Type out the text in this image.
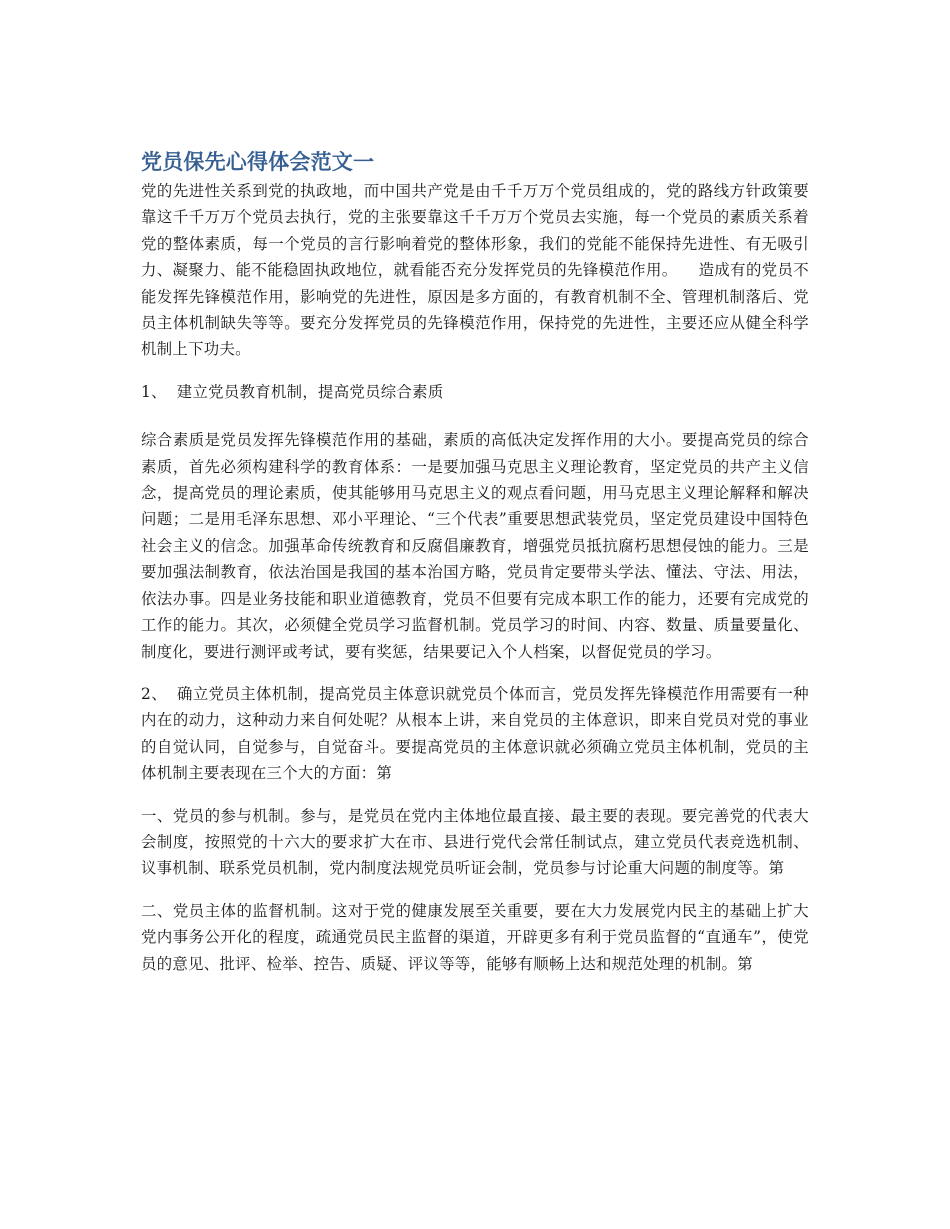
党员保先心得体会范文一

党的先进性关系到党的执政地，而中国共产党是由千千万万个党员组成的，党的路线方针政策要靠这千千万万个党员去执行，党的主张要靠这千千万万个党员去实施，每一个党员的素质关系着党的整体素质，每一个党员的言行影响着党的整体形象，我们的党能不能保持先进性、有无吸引力、凝聚力、能不能稳固执政地位，就看能否充分发挥党员的先锋模范作用。    造成有的党员不能发挥先锋模范作用，影响党的先进性，原因是多方面的，有教育机制不全、管理机制落后、党员主体机制缺失等等。要充分发挥党员的先锋模范作用，保持党的先进性，主要还应从健全科学机制上下功夫。

1、 建立党员教育机制，提高党员综合素质

综合素质是党员发挥先锋模范作用的基础，素质的高低决定发挥作用的大小。要提高党员的综合素质，首先必须构建科学的教育体系：一是要加强马克思主义理论教育，坚定党员的共产主义信念，提高党员的理论素质，使其能够用马克思主义的观点看问题，用马克思主义理论解释和解决问题；二是用毛泽东思想、邓小平理论、“三个代表”重要思想武装党员，坚定党员建设中国特色社会主义的信念。加强革命传统教育和反腐倡廉教育，增强党员抵抗腐朽思想侵蚀的能力。三是要加强法制教育，依法治国是我国的基本治国方略，党员肯定要带头学法、懂法、守法、用法，依法办事。四是业务技能和职业道德教育，党员不但要有完成本职工作的能力，还要有完成党的工作的能力。其次，必须健全党员学习监督机制。党员学习的时间、内容、数量、质量要量化、制度化，要进行测评或考试，要有奖惩，结果要记入个人档案，以督促党员的学习。

2、 确立党员主体机制，提高党员主体意识就党员个体而言，党员发挥先锋模范作用需要有一种内在的动力，这种动力来自何处呢？从根本上讲，来自党员的主体意识，即来自党员对党的事业的自觉认同，自觉参与，自觉奋斗。要提高党员的主体意识就必须确立党员主体机制，党员的主体机制主要表现在三个大的方面：第

一、党员的参与机制。参与，是党员在党内主体地位最直接、最主要的表现。要完善党的代表大会制度，按照党的十六大的要求扩大在市、县进行党代会常任制试点，建立党员代表竞选机制、议事机制、联系党员机制，党内制度法规党员听证会制，党员参与讨论重大问题的制度等。第

二、党员主体的监督机制。这对于党的健康发展至关重要，要在大力发展党内民主的基础上扩大党内事务公开化的程度，疏通党员民主监督的渠道，开辟更多有利于党员监督的“直通车”，使党员的意见、批评、检举、控告、质疑、评议等等，能够有顺畅上达和规范处理的机制。第
